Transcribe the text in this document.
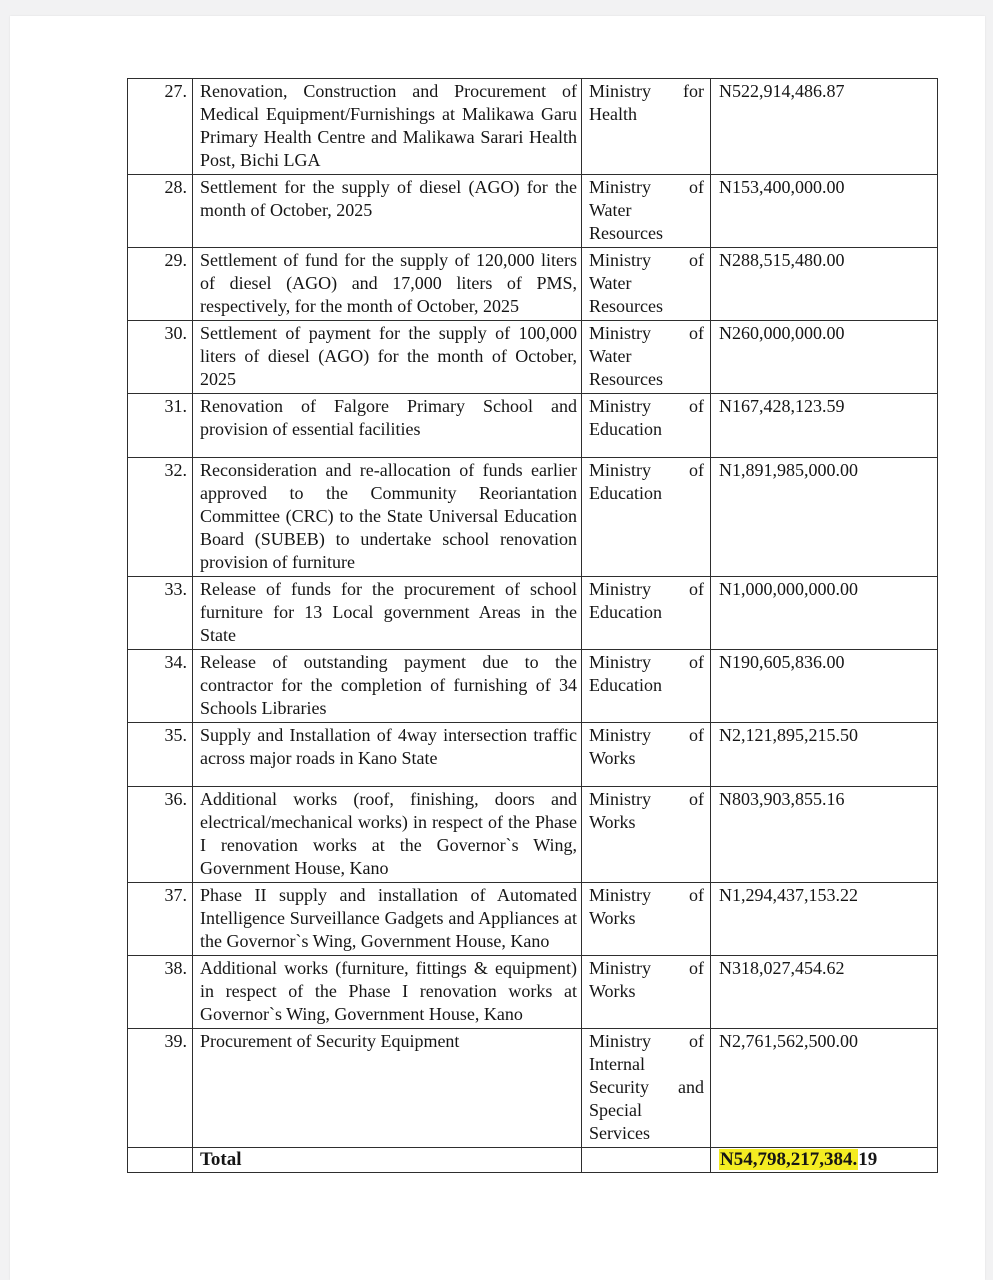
27.	Renovation, Construction and Procurement of Medical Equipment/Furnishings at Malikawa Garu Primary Health Centre and Malikawa Sarari Health Post, Bichi LGA	Ministry for Health	N522,914,486.87
28.	Settlement for the supply of diesel (AGO) for the month of October, 2025	Ministry of Water Resources	N153,400,000.00
29.	Settlement of fund for the supply of 120,000 liters of diesel (AGO) and 17,000 liters of PMS, respectively, for the month of October, 2025	Ministry of Water Resources	N288,515,480.00
30.	Settlement of payment for the supply of 100,000 liters of diesel (AGO) for the month of October, 2025	Ministry of Water Resources	N260,000,000.00
31.	Renovation of Falgore Primary School and provision of essential facilities	Ministry of Education	N167,428,123.59
32.	Reconsideration and re-allocation of funds earlier approved to the Community Reoriantation Committee (CRC) to the State Universal Education Board (SUBEB) to undertake school renovation provision of furniture	Ministry of Education	N1,891,985,000.00
33.	Release of funds for the procurement of school furniture for 13 Local government Areas in the State	Ministry of Education	N1,000,000,000.00
34.	Release of outstanding payment due to the contractor for the completion of furnishing of 34 Schools Libraries	Ministry of Education	N190,605,836.00
35.	Supply and Installation of 4way intersection traffic across major roads in Kano State	Ministry of Works	N2,121,895,215.50
36.	Additional works (roof, finishing, doors and electrical/mechanical works) in respect of the Phase I renovation works at the Governor`s Wing, Government House, Kano	Ministry of Works	N803,903,855.16
37.	Phase II supply and installation of Automated Intelligence Surveillance Gadgets and Appliances at the Governor`s Wing, Government House, Kano	Ministry of Works	N1,294,437,153.22
38.	Additional works (furniture, fittings & equipment) in respect of the Phase I renovation works at Governor`s Wing, Government House, Kano	Ministry of Works	N318,027,454.62
39.	Procurement of Security Equipment	Ministry of Internal Security and Special Services	N2,761,562,500.00
	Total		N54,798,217,384.19
